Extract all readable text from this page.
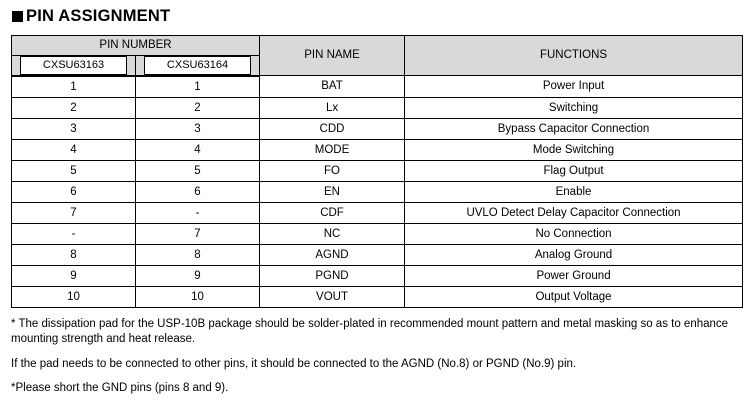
PIN ASSIGNMENT
PIN NUMBER		PIN NAME	FUNCTIONS

CXSU63163	CXSU63164		

1	1	BAT	Power Input
2	2	Lx	Switching
3	3	CDD	Bypass Capacitor Connection
4	4	MODE	Mode Switching
5	5	FO	Flag Output
6	6	EN	Enable
7	-	CDF	UVLO Detect Delay Capacitor Connection
-	7	NC	No Connection
8	8	AGND	Analog Ground
9	9	PGND	Power Ground
10	10	VOUT	Output Voltage

* The dissipation pad for the USP-10B package should be solder-plated in recommended mount pattern and metal masking so as to enhance mounting strength and heat release.

If the pad needs to be connected to other pins, it should be connected to the AGND (No.8) or PGND (No.9) pin.

*Please short the GND pins (pins 8 and 9).
